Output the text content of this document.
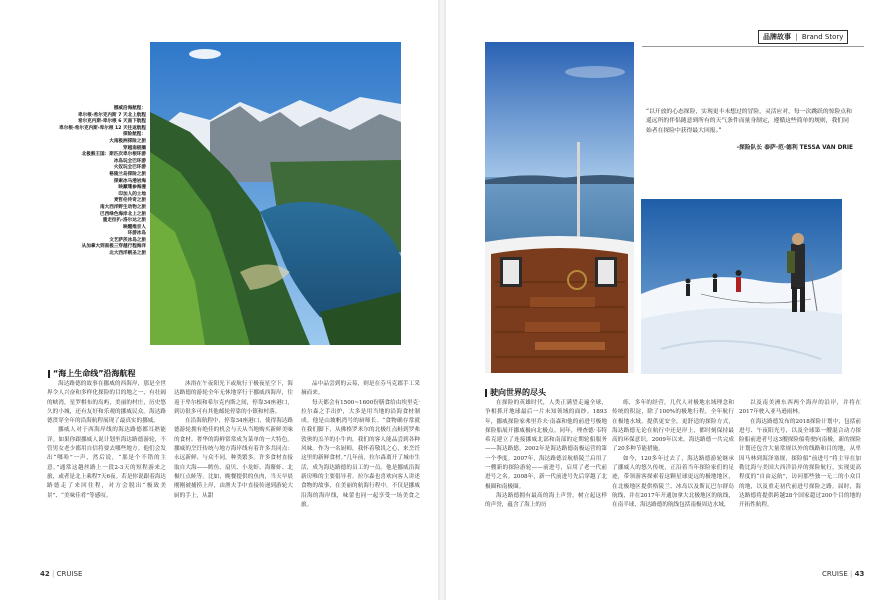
挪威沿海航程：
卑尔根-希尔克内斯 7 天北上航程
希尔克内斯-卑尔根 6 天南下航程
卑尔根-希尔克内斯-卑尔根 12 天往返航程
探险航程：
大南极洲探险之旅
穿越南极圈
北极熊王国：斯匹次卑尔根环游
冰岛玩全巴环游
火奴玩全巴环游
格陵兰岛探险之旅
探索冰马港岩海
映藏珊参海漫
印加人的土地
麦哲伦传奇之旅
南大西洋野生动物之旅
巴西绿色海岸北上之旅
重走拉扒-洛尔达之旅
映醒维京人
环游冰岛
文艺萨茨冰岛之旅
从加拿大到南极三穿越行程海洋
北大西洋朝圣之旅
“海上生命线”沿海航程

海达路德的故事在挪威的西海岸，那是全世界令人兴奋和多样化探险的目的地之一，有壮阔的峡湾，星罗棋布的岛屿，美丽的村庄，历史悠久的小城，还有友好和乐观的挪威民众。海达路德贯穿全年的沿海航程展现了最真实的挪威。

挪威人对于西海岸线的海达路德都耳熟能详。如果你跟挪威人说计划坐海达路德游轮，不管男女老少都用自信将要去哪些地方。他们会发出“哪哈”一声，然后说，“那是个不错的主意。”通常这趟丝路上一段2-3天的短程游来之旅，或者是北上乘程7天6夜。若是你说跟着海达路德走了来回往程，对方会脱出“极致美景”、“美味佳肴”等感叹。

沐浴在午夜阳光下或航行于极夜星空下，海达路德的游轮全年无休地穿行于挪威西海岸，往返于卑尔根和希尔克内斯之间，停靠34座港口，到访很多可有其他邮轮停靠的小镇和村落。

在沿海航程中，停靠34座港口，使得海达路德游轮拥有绝佳的机会与天从当地购买新鲜美味的食材。奢华的海鲜常常成为菜单的一大特色。挪威的烹饪传统与地方海岸线有着许多共同点：永远新鲜、与众不同，种类繁多。许多食材直接取自大海——鳕鱼、扇贝、小龙虾、海鳌虾、北极红点鲑等。比如，晚餐提供的鱼肉，当天早晨刚刚被捕捞上岸，由渔夫手中直接传递到游轮大厨的手上，从甜

品中品尝到的云莓，则是在芬马克郡手工采摘而来。

每天都会有1500~1600份膳食给由埃里克·拉尔森之手出炉，大多是用当地的沿海食材制成。他是山坡帆湾号的厨师长。“食物确存常就在我们脚下，从佛格罗米尔的北极红点鲑到罗弗敦奥的羔羊的小牛肉，我们的客人能品尝到各种风味。作为一名厨师，我怀着敬畏之心，来烹饪这里的新鲜食材。”几年前，拉尔森离开了城市生活，成为海达路德的员工的一员。他是挪威沿海新房唯的主要倡导者。拉尔森也喜欢向客人讲述食物的故事，在美丽的航海行程中，不仅是挪威沿海的海岸线，味蕾也同一起享受一场美食之旅。

42 | CRUISE
品牌故事 | Brand Story
“以开放的心态探险，实现更丰未想过的冒险，灵活应对，每一次跳跃的惊险点和遥远所的伴侣随意到所有的天气条件而量身制定，遵循这些简单的规则，我们同始者在探险中获得最大回报。”
-探险队长 泰萨·范·德利 TESSA VAN DRIE
驶向世界的尽头

在探险的英雄时代，人类正满望走遍全球，争相抓开地球最后一片未知领域的面纱。1893年，挪威探险家弗里乔夫·南森和他的前进号极地探险船展开挪威极向北极点。同年，理查德·韦特希克建立了连接挪威北部和南部的定期轮船服务——海达路德。2002年是海达路德南极运营的第一个季度。2007年，海达路德首航格陵兰启用了一艘新的探险游轮——前进号，启用了老一代前进号之名。2008年，新一代前进号先后穿越了北极圈和南极圈。

海达路德拥有最高的海上声誉，树立起这样的声誉，蕴含了海上的历

练，多年的经营，几代人对极地水域理念和传统的积淀，除了100%的极地行程，全年航行在极地水域，提供更安全，更舒适的探险方式，海达路德无论在航行中还是岸上，都时刻保持最高的环保意识。2009年以来，海达路德一共完成了20多种节能措施。

如今，120多年过去了，海达路德游轮继承了挪威人的悠久传统，正沿着当年探险家们的足迹，带领游客探索着这颗星球更远的极地地区，在北极地区提供格陵兰、冰岛以及斯瓦巴尔群岛航线，并在2017年开通加拿大北极地区的航线，在南半球，海达路德的航线包括南极周边水域，

以及南美洲东西两个海岸的沿岸，并将在2017年驶入亚马逊雨林。

在海达路德发布的2018探险计划中，包括前进号、午夜阳光号，以及全球第一艘混合动力探险船前进者号这3艘探险船将驶向南极，新的探险计划还包含大量常规以外的线路和目的地，从卑因马林到海泽塞规，探险船“前进号”将主导在加勒比海与美国大西洋沿岸的探险航行，实现更高程度的“自由运航”，访问那些独一无二的小众目的地，以及重走初代前进号探险之路。届时，海达路德将提供跨越28个国家超过200个目的地的开拓性航程。

CRUISE | 43
